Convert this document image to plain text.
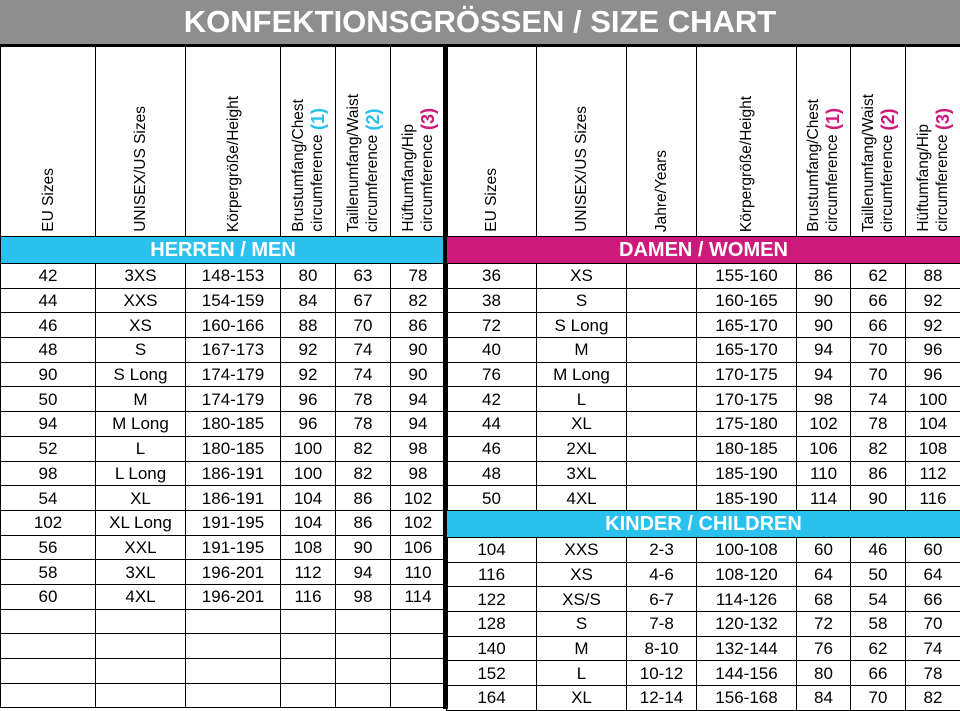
KONFEKTIONSGRÖSSEN / SIZE CHART
EU Sizes	UNISEX/US Sizes	Körpergröße/Height	Brustumfang/Chest circumference (1)	Taillenumfang/Waist circumference (2)	Hüftumfang/Hip circumference (3)

HERREN / MEN					
42	3XS	148-153	80	63	78
44	XXS	154-159	84	67	82
46	XS	160-166	88	70	86
48	S	167-173	92	74	90
90	S Long	174-179	92	74	90
50	M	174-179	96	78	94
94	M Long	180-185	96	78	94
52	L	180-185	100	82	98
98	L Long	186-191	100	82	98
54	XL	186-191	104	86	102
102	XL Long	191-195	104	86	102
56	XXL	191-195	108	90	106
58	3XL	196-201	112	94	110
60	4XL	196-201	116	98	114

EU Sizes	UNISEX/US Sizes	Jahre/Years	Körpergröße/Height	Brustumfang/Chest circumference (1)	Taillenumfang/Waist circumference (2)	Hüftumfang/Hip circumference (3)

DAMEN / WOMEN						
36	XS		155-160	86	62	88
38	S		160-165	90	66	92
72	S Long		165-170	90	66	92
40	M		165-170	94	70	96
76	M Long		170-175	94	70	96
42	L		170-175	98	74	100
44	XL		175-180	102	78	104
46	2XL		180-185	106	82	108
48	3XL		185-190	110	86	112
50	4XL		185-190	114	90	116
KINDER / CHILDREN						
104	XXS	2-3	100-108	60	46	60
116	XS	4-6	108-120	64	50	64
122	XS/S	6-7	114-126	68	54	66
128	S	7-8	120-132	72	58	70
140	M	8-10	132-144	76	62	74
152	L	10-12	144-156	80	66	78
164	XL	12-14	156-168	84	70	82
